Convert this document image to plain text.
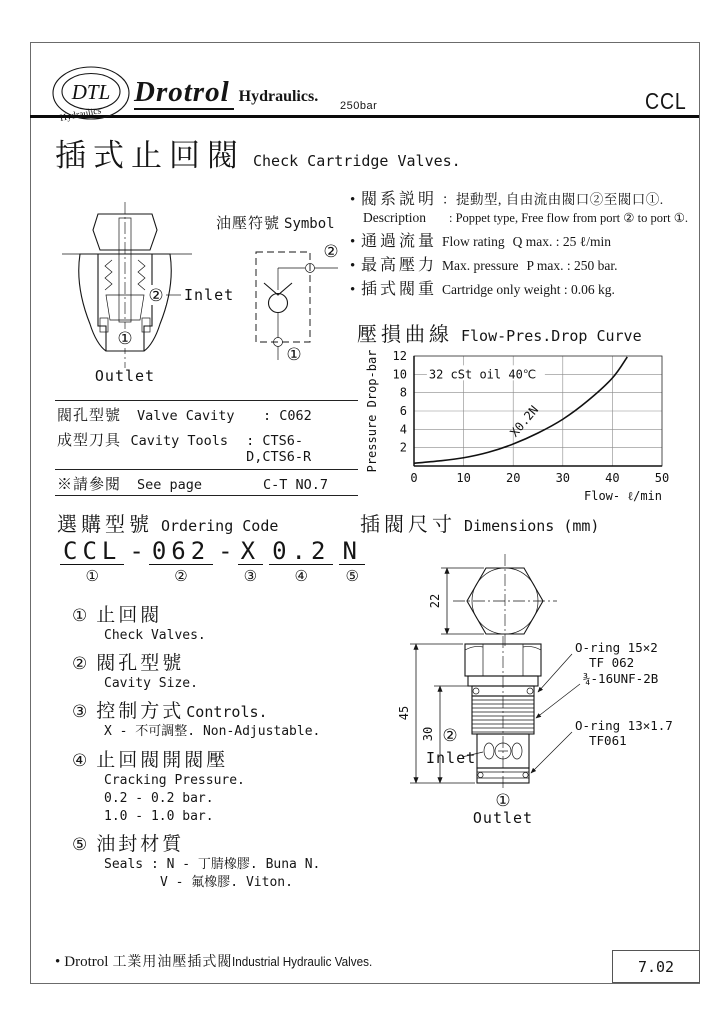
DTL
Hydraulics
Drotrol Hydraulics.
250bar	CCL
插式止回閥 Check Cartridge Valves.
② Inlet
①
Outlet
油壓符號 Symbol
②
①
閥孔型號	Valve Cavity	: C062
成型刀具 Cavity Tools	: CTS6-D,CTS6-R
※請參閱	See page	C-T NO.7
• 閥系説明 ：提動型, 自由流由閥口②至閥口①.
Description	: Poppet type, Free flow from port ② to port ①.
• 通過流量 Flow rating Q max. : 25 ℓ/min
• 最高壓力 Max. pressure P max. : 250 bar.
• 插式閥重 Cartridge only weight : 0.06 kg.
壓損曲線 Flow-Pres.Drop Curve
0	10	20	30	40	50
2
4
6
8
10
12
Pressure Drop-bar
Flow- ℓ/min
32 cSt oil 40℃
X0.2N
選購型號 Ordering Code
CCL
①
- 062
②
- X
③
0.2
④
N
⑤
① 止回閥
Check Valves.
② 閥孔型號
Cavity Size.
③ 控制方式 Controls.
X - 不可調整. Non-Adjustable.
④ 止回閥開閥壓
Cracking Pressure.
0.2 - 0.2 bar.
1.0 - 1.0 bar.
⑤ 油封材質
Seals : N - 丁腈橡膠. Buna N.
V - 氟橡膠. Viton.
插閥尺寸 Dimensions (mm)
22
45
30
O-ring 15×2
TF 062
¾-16UNF-2B
O-ring 13×1.7
TF061
②
Inlet
①
Outlet
• Drotrol 工業用油壓插式閥Industrial Hydraulic Valves.	7.02
